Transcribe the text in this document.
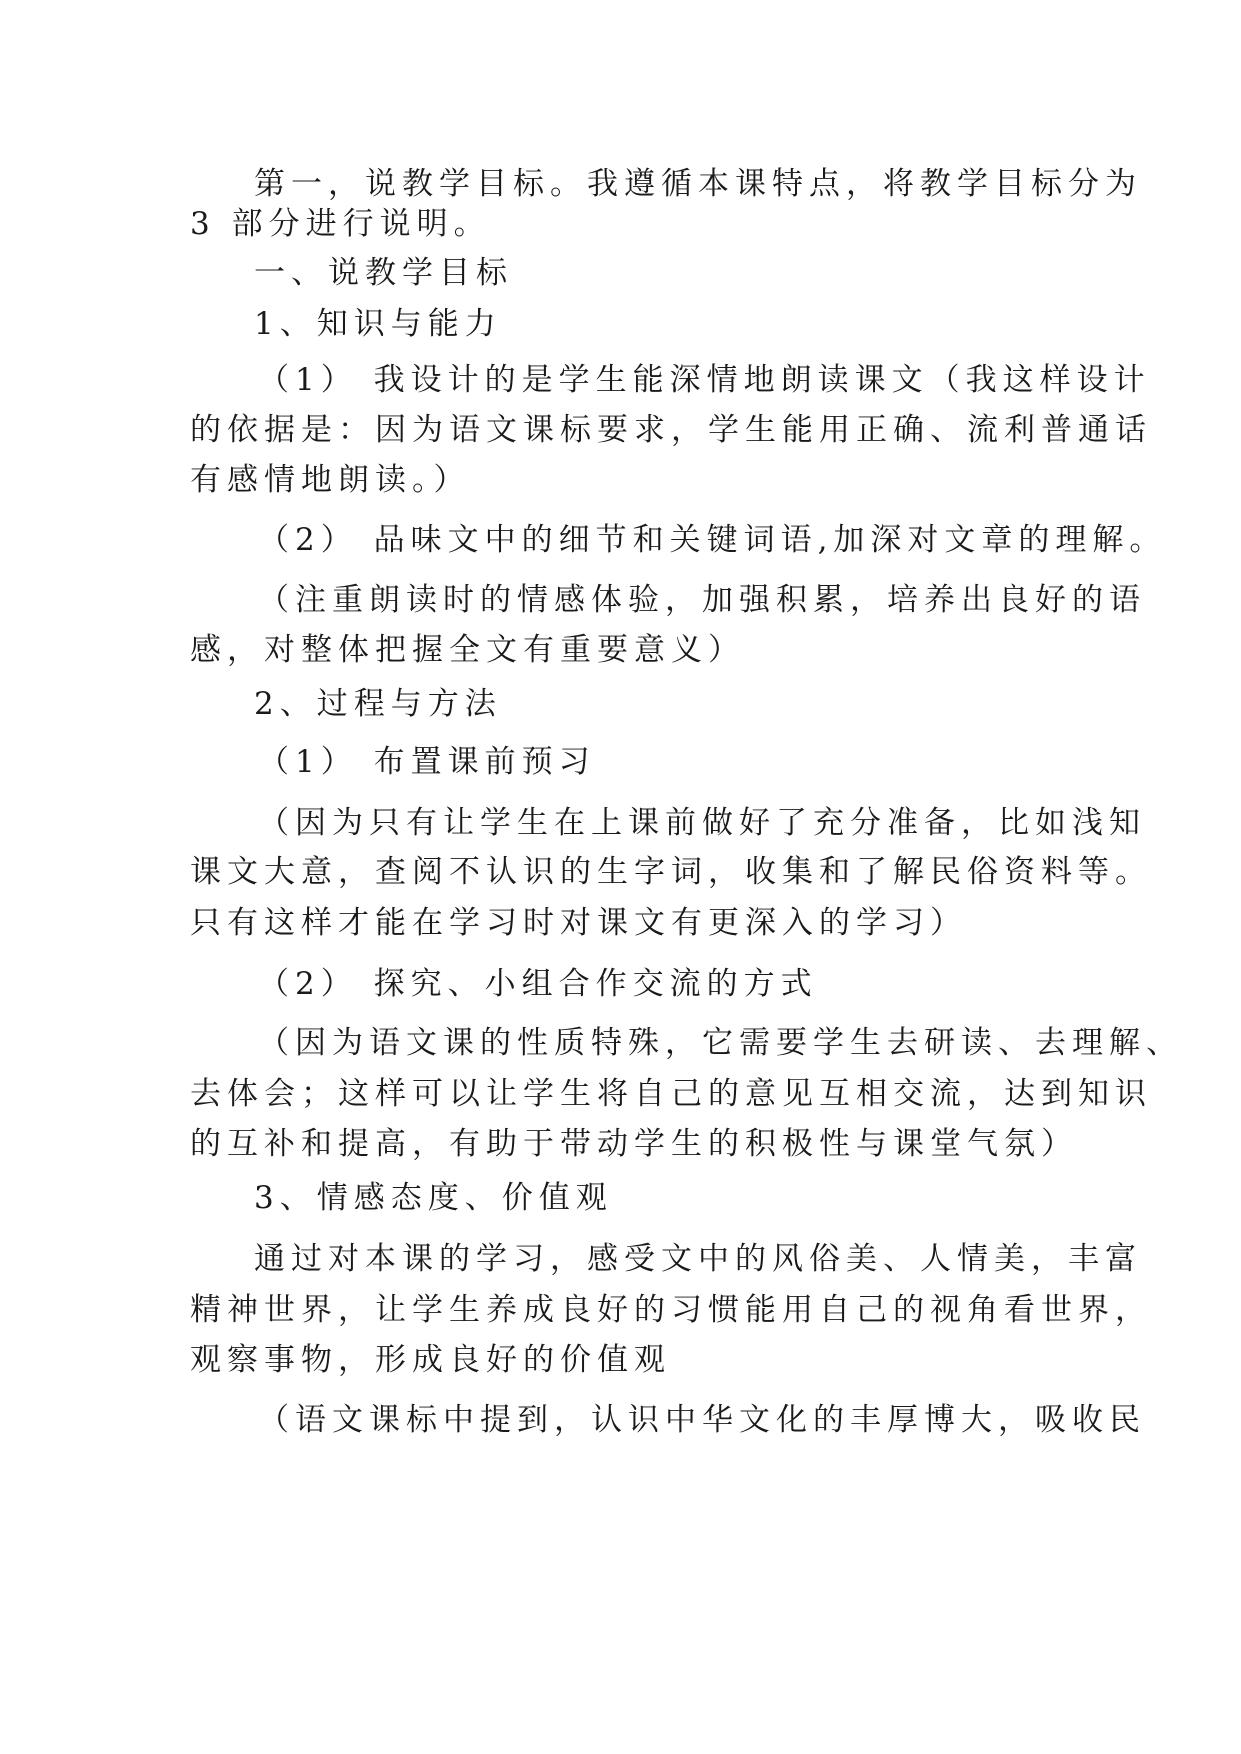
第一，说教学目标。我遵循本课特点，将教学目标分为
3 部分进行说明。
一、说教学目标
1、知识与能力
（1） 我设计的是学生能深情地朗读课文（我这样设计
的依据是：因为语文课标要求，学生能用正确、流利普通话
有感情地朗读。）
（2） 品味文中的细节和关键词语,加深对文章的理解。
（注重朗读时的情感体验，加强积累，培养出良好的语
感，对整体把握全文有重要意义）
2、过程与方法
（1） 布置课前预习
（因为只有让学生在上课前做好了充分准备，比如浅知
课文大意，查阅不认识的生字词，收集和了解民俗资料等。
只有这样才能在学习时对课文有更深入的学习）
（2） 探究、小组合作交流的方式
（因为语文课的性质特殊，它需要学生去研读、去理解、
去体会；这样可以让学生将自己的意见互相交流，达到知识
的互补和提高，有助于带动学生的积极性与课堂气氛）
3、情感态度、价值观
通过对本课的学习，感受文中的风俗美、人情美，丰富
精神世界，让学生养成良好的习惯能用自己的视角看世界，
观察事物，形成良好的价值观
（语文课标中提到，认识中华文化的丰厚博大，吸收民
